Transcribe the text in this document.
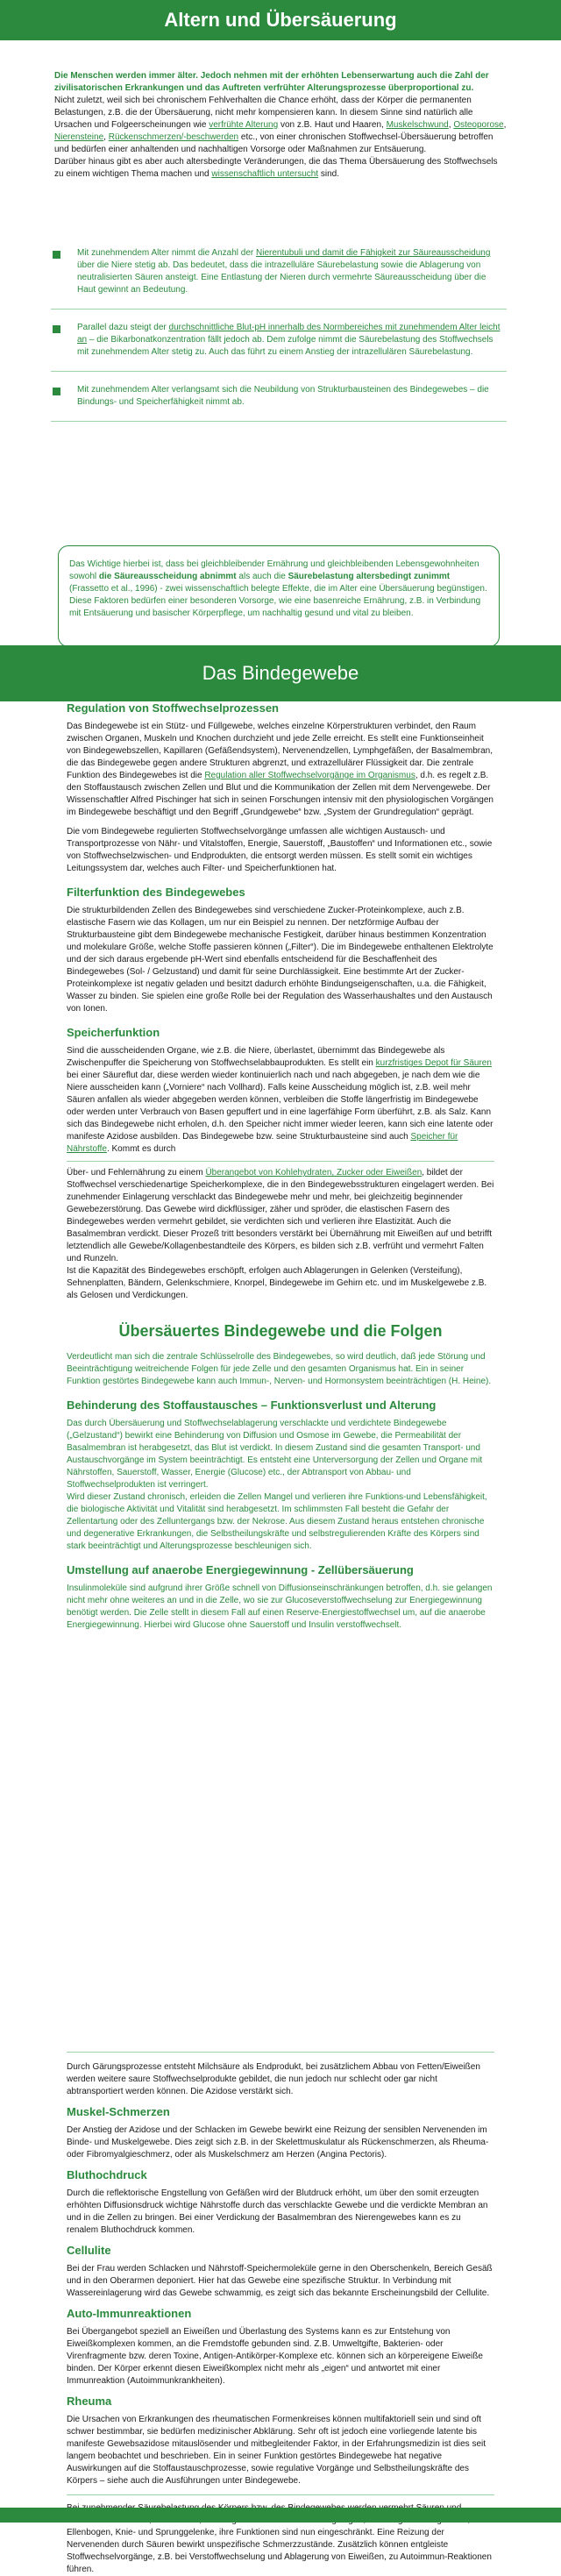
Altern und Übersäuerung

Die Menschen werden immer älter. Jedoch nehmen mit der erhöhten Lebenserwartung auch die Zahl der zivilisatorischen Erkrankungen und das Auftreten verfrühter Alterungsprozesse überproportional zu.

Nicht zuletzt, weil sich bei chronischem Fehlverhalten die Chance erhöht, dass der Körper die permanenten Belastungen, z.B. die der Übersäuerung, nicht mehr kompensieren kann. In diesem Sinne sind natürlich alle Ursachen und Folgeerscheinungen wie verfrühte Alterung von z.B. Haut und Haaren, Muskelschwund, Osteoporose, Nierensteine, Rückenschmerzen/-beschwerden etc., von einer chronischen Stoffwechsel-Übersäuerung betroffen und bedürfen einer anhaltenden und nachhaltigen Vorsorge oder Maßnahmen zur Entsäuerung.

Darüber hinaus gibt es aber auch altersbedingte Veränderungen, die das Thema Übersäuerung des Stoffwechsels zu einem wichtigen Thema machen und wissenschaftlich untersucht sind.

Mit zunehmendem Alter nimmt die Anzahl der Nierentubuli und damit die Fähigkeit zur Säureausscheidung über die Niere stetig ab. Das bedeutet, dass die intrazelluläre Säurebelastung sowie die Ablagerung von neutralisierten Säuren ansteigt. Eine Entlastung der Nieren durch vermehrte Säureausscheidung über die Haut gewinnt an Bedeutung.
Parallel dazu steigt der durchschnittliche Blut-pH innerhalb des Normbereiches mit zunehmendem Alter leicht an – die Bikarbonatkonzentration fällt jedoch ab. Dem zufolge nimmt die Säurebelastung des Stoffwechsels mit zunehmendem Alter stetig zu. Auch das führt zu einem Anstieg der intrazellulären Säurebelastung.
Mit zunehmendem Alter verlangsamt sich die Neubildung von Strukturbausteinen des Bindegewebes – die Bindungs- und Speicherfähigkeit nimmt ab.
Das Wichtige hierbei ist, dass bei gleichbleibender Ernährung und gleichbleibenden Lebensgewohnheiten sowohl die Säureausscheidung abnimmt als auch die Säurebelastung altersbedingt zunimmt (Frassetto et al., 1996) - zwei wissenschaftlich belegte Effekte, die im Alter eine Übersäuerung begünstigen. Diese Faktoren bedürfen einer besonderen Vorsorge, wie eine basenreiche Ernährung, z.B. in Verbindung mit Entsäuerung und basischer Körperpflege, um nachhaltig gesund und vital zu bleiben.
Das Bindegewebe
Regulation von Stoffwechselprozessen

Das Bindegewebe ist ein Stütz- und Füllgewebe, welches einzelne Körperstrukturen verbindet, den Raum zwischen Organen, Muskeln und Knochen durchzieht und jede Zelle erreicht. Es stellt eine Funktionseinheit von Bindegewebszellen, Kapillaren (Gefäßendsystem), Nervenendzellen, Lymphgefäßen, der Basalmembran, die das Bindegewebe gegen andere Strukturen abgrenzt, und extrazellulärer Flüssigkeit dar. Die zentrale Funktion des Bindegewebes ist die Regulation aller Stoffwechselvorgänge im Organismus, d.h. es regelt z.B. den Stoffaustausch zwischen Zellen und Blut und die Kommunikation der Zellen mit dem Nervengewebe. Der Wissenschaftler Alfred Pischinger hat sich in seinen Forschungen intensiv mit den physiologischen Vorgängen im Bindegewebe beschäftigt und den Begriff „Grundgewebe“ bzw. „System der Grundregulation“ geprägt.

Die vom Bindegewebe regulierten Stoffwechselvorgänge umfassen alle wichtigen Austausch- und Transportprozesse von Nähr- und Vitalstoffen, Energie, Sauerstoff, „Baustoffen“ und Informationen etc., sowie von Stoffwechselzwischen- und Endprodukten, die entsorgt werden müssen. Es stellt somit ein wichtiges Leitungssystem dar, welches auch Filter- und Speicherfunktionen hat.

Filterfunktion des Bindegewebes

Die strukturbildenden Zellen des Bindegewebes sind verschiedene Zucker-Proteinkomplexe, auch z.B. elastische Fasern wie das Kollagen, um nur ein Beispiel zu nennen. Der netzförmige Aufbau der Strukturbausteine gibt dem Bindegewebe mechanische Festigkeit, darüber hinaus bestimmen Konzentration und molekulare Größe, welche Stoffe passieren können („Filter“). Die im Bindegewebe enthaltenen Elektrolyte und der sich daraus ergebende pH-Wert sind ebenfalls entscheidend für die Beschaffenheit des Bindegewebes (Sol- / Gelzustand) und damit für seine Durchlässigkeit. Eine bestimmte Art der Zucker-Proteinkomplexe ist negativ geladen und besitzt dadurch erhöhte Bindungseigenschaften, u.a. die Fähigkeit, Wasser zu binden. Sie spielen eine große Rolle bei der Regulation des Wasserhaushaltes und den Austausch von Ionen.

Speicherfunktion

Sind die ausscheidenden Organe, wie z.B. die Niere, überlastet, übernimmt das Bindegewebe als Zwischenpuffer die Speicherung von Stoffwechselabbauprodukten. Es stellt ein kurzfristiges Depot für Säuren bei einer Säureflut dar, diese werden wieder kontinuierlich nach und nach abgegeben, je nach dem wie die Niere ausscheiden kann („Vorniere“ nach Vollhard). Falls keine Ausscheidung möglich ist, z.B. weil mehr Säuren anfallen als wieder abgegeben werden können, verbleiben die Stoffe längerfristig im Bindegewebe oder werden unter Verbrauch von Basen gepuffert und in eine lagerfähige Form überführt, z.B. als Salz. Kann sich das Bindegewebe nicht erholen, d.h. den Speicher nicht immer wieder leeren, kann sich eine latente oder manifeste Azidose ausbilden. Das Bindegewebe bzw. seine Strukturbausteine sind auch Speicher für Nährstoffe. Kommt es durch

Über- und Fehlernährung zu einem Überangebot von Kohlehydraten, Zucker oder Eiweißen, bildet der Stoffwechsel verschiedenartige Speicherkomplexe, die in den Bindegewebsstrukturen eingelagert werden. Bei zunehmender Einlagerung verschlackt das Bindegewebe mehr und mehr, bei gleichzeitig beginnender Gewebezerstörung. Das Gewebe wird dickflüssiger, zäher und spröder, die elastischen Fasern des Bindegewebes werden vermehrt gebildet, sie verdichten sich und verlieren ihre Elastizität. Auch die Basalmembran verdickt. Dieser Prozeß tritt besonders verstärkt bei Übernährung mit Eiweißen auf und betrifft letztendlich alle Gewebe/Kollagenbestandteile des Körpers, es bilden sich z.B. verfrüht und vermehrt Falten und Runzeln.

Ist die Kapazität des Bindegewebes erschöpft, erfolgen auch Ablagerungen in Gelenken (Versteifung), Sehnenplatten, Bändern, Gelenkschmiere, Knorpel, Bindegewebe im Gehirn etc. und im Muskelgewebe z.B. als Gelosen und Verdickungen.

Übersäuertes Bindegewebe und die Folgen

Verdeutlicht man sich die zentrale Schlüsselrolle des Bindegewebes, so wird deutlich, daß jede Störung und Beeinträchtigung weitreichende Folgen für jede Zelle und den gesamten Organismus hat. Ein in seiner Funktion gestörtes Bindegewebe kann auch Immun-, Nerven- und Hormonsystem beeinträchtigen (H. Heine).

Behinderung des Stoffaustausches – Funktionsverlust und Alterung

Das durch Übersäuerung und Stoffwechselablagerung verschlackte und verdichtete Bindegewebe („Gelzustand“) bewirkt eine Behinderung von Diffusion und Osmose im Gewebe, die Permeabilität der Basalmembran ist herabgesetzt, das Blut ist verdickt. In diesem Zustand sind die gesamten Transport- und Austauschvorgänge im System beeinträchtigt. Es entsteht eine Unterversorgung der Zellen und Organe mit Nährstoffen, Sauerstoff, Wasser, Energie (Glucose) etc., der Abtransport von Abbau- und Stoffwechselprodukten ist verringert.

Wird dieser Zustand chronisch, erleiden die Zellen Mangel und verlieren ihre Funktions-und Lebensfähigkeit, die biologische Aktivität und Vitalität sind herabgesetzt. Im schlimmsten Fall besteht die Gefahr der Zellentartung oder des Zelluntergangs bzw. der Nekrose. Aus diesem Zustand heraus entstehen chronische und degenerative Erkrankungen, die Selbstheilungskräfte und selbstregulierenden Kräfte des Körpers sind stark beeinträchtigt und Alterungsprozesse beschleunigen sich.

Umstellung auf anaerobe Energiegewinnung - Zellübersäuerung

Insulinmoleküle sind aufgrund ihrer Größe schnell von Diffusionseinschränkungen betroffen, d.h. sie gelangen nicht mehr ohne weiteres an und in die Zelle, wo sie zur Glucoseverstoffwechselung zur Energiegewinnung benötigt werden. Die Zelle stellt in diesem Fall auf einen Reserve-Energiestoffwechsel um, auf die anaerobe Energiegewinnung. Hierbei wird Glucose ohne Sauerstoff und Insulin verstoffwechselt.

Durch Gärungsprozesse entsteht Milchsäure als Endprodukt, bei zusätzlichem Abbau von Fetten/Eiweißen werden weitere saure Stoffwechselprodukte gebildet, die nun jedoch nur schlecht oder gar nicht abtransportiert werden können. Die Azidose verstärkt sich.

Muskel-Schmerzen

Der Anstieg der Azidose und der Schlacken im Gewebe bewirkt eine Reizung der sensiblen Nervenenden im Binde- und Muskelgewebe. Dies zeigt sich z.B. in der Skelettmuskulatur als Rückenschmerzen, als Rheuma- oder Fibromyalgieschmerz, oder als Muskelschmerz am Herzen (Angina Pectoris).

Bluthochdruck

Durch die reflektorische Engstellung von Gefäßen wird der Blutdruck erhöht, um über den somit erzeugten erhöhten Diffusionsdruck wichtige Nährstoffe durch das verschlackte Gewebe und die verdickte Membran an und in die Zellen zu bringen. Bei einer Verdickung der Basalmembran des Nierengewebes kann es zu renalem Bluthochdruck kommen.

Cellulite

Bei der Frau werden Schlacken und Nährstoff-Speichermoleküle gerne in den Oberschenkeln, Bereich Gesäß und in den Oberarmen deponiert. Hier hat das Gewebe eine spezifische Struktur. In Verbindung mit Wassereinlagerung wird das Gewebe schwammig, es zeigt sich das bekannte Erscheinungsbild der Cellulite.

Auto-Immunreaktionen

Bei Übergangebot speziell an Eiweißen und Überlastung des Systems kann es zur Entstehung von Eiweißkomplexen kommen, an die Fremdstoffe gebunden sind. Z.B. Umweltgifte, Bakterien- oder Virenfragmente bzw. deren Toxine, Antigen-Antikörper-Komplexe etc. können sich an körpereigene Eiweiße binden. Der Körper erkennt diesen Eiweißkomplex nicht mehr als „eigen“ und antwortet mit einer Immunreaktion (Autoimmunkrankheiten).

Rheuma

Die Ursachen von Erkrankungen des rheumatischen Formenkreises können multifaktoriell sein und sind oft schwer bestimmbar, sie bedürfen medizinischer Abklärung. Sehr oft ist jedoch eine vorliegende latente bis manifeste Gewebsazidose mitauslösender und mitbegleitender Faktor, in der Erfahrungsmedizin ist dies seit langem beobachtet und beschrieben. Ein in seiner Funktion gestörtes Bindegewebe hat negative Auswirkungen auf die Stoffaustauschprozesse, sowie regulative Vorgänge und Selbstheilungskräfte des Körpers – siehe auch die Ausführungen unter Bindegewebe.

Ellenbogen, Knie- und Sprunggelenke, ihre Funktionen sind nun eingeschränkt. Eine Reizung der Nervenenden durch Säuren bewirkt unspezifische Schmerzzustände. Zusätzlich können entgleiste Stoffwechselvorgänge, z.B. bei Verstoffwechselung und Ablagerung von Eiweißen, zu Autoimmun-Reaktionen führen.
